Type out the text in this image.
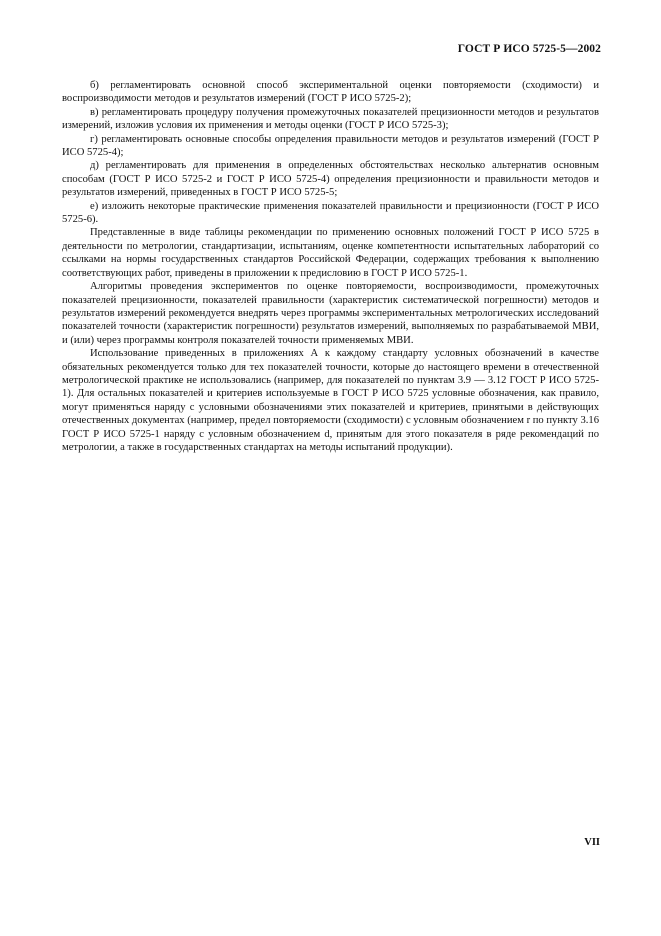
ГОСТ Р ИСО 5725-5—2002

б) регламентировать основной способ экспериментальной оценки повторяемости (сходимости) и воспроизводимости методов и результатов измерений (ГОСТ Р ИСО 5725-2);

в) регламентировать процедуру получения промежуточных показателей прецизионности методов и результатов измерений, изложив условия их применения и методы оценки (ГОСТ Р ИСО 5725-3);

г) регламентировать основные способы определения правильности методов и результатов измерений (ГОСТ Р ИСО 5725-4);

д) регламентировать для применения в определенных обстоятельствах несколько альтернатив основным способам (ГОСТ Р ИСО 5725-2 и ГОСТ Р ИСО 5725-4) определения прецизионности и правильности методов и результатов измерений, приведенных в ГОСТ Р ИСО 5725-5;

е) изложить некоторые практические применения показателей правильности и прецизионности (ГОСТ Р ИСО 5725-6).

Представленные в виде таблицы рекомендации по применению основных положений ГОСТ Р ИСО 5725 в деятельности по метрологии, стандартизации, испытаниям, оценке компетентности испытательных лабораторий со ссылками на нормы государственных стандартов Российской Федерации, содержащих требования к выполнению соответствующих работ, приведены в приложении к предисловию в ГОСТ Р ИСО 5725-1.

Алгоритмы проведения экспериментов по оценке повторяемости, воспроизводимости, промежуточных показателей прецизионности, показателей правильности (характеристик систематической погрешности) методов и результатов измерений рекомендуется внедрять через программы экспериментальных метрологических исследований показателей точности (характеристик погрешности) результатов измерений, выполняемых по разрабатываемой МВИ, и (или) через программы контроля показателей точности применяемых МВИ.

Использование приведенных в приложениях А к каждому стандарту условных обозначений в качестве обязательных рекомендуется только для тех показателей точности, которые до настоящего времени в отечественной метрологической практике не использовались (например, для показателей по пунктам 3.9 — 3.12 ГОСТ Р ИСО 5725-1). Для остальных показателей и критериев используемые в ГОСТ Р ИСО 5725 условные обозначения, как правило, могут применяться наряду с условными обозначениями этих показателей и критериев, принятыми в действующих отечественных документах (например, предел повторяемости (сходимости) с условным обозначением r по пункту 3.16 ГОСТ Р ИСО 5725-1 наряду с условным обозначением d, принятым для этого показателя в ряде рекомендаций по метрологии, а также в государственных стандартах на методы испытаний продукции).

VII
